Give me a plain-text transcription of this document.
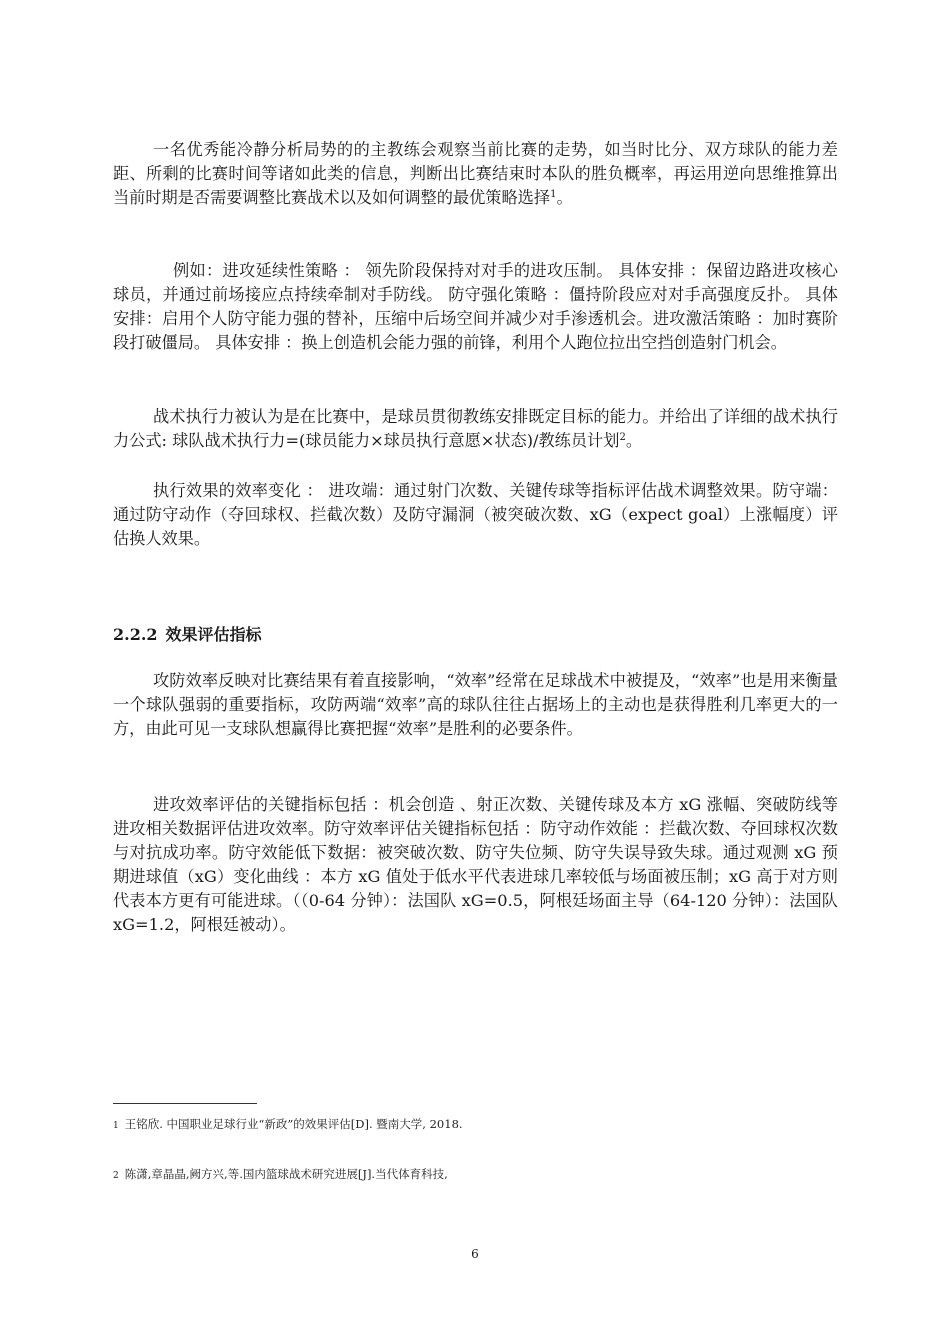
一名优秀能冷静分析局势的的主教练会观察当前比赛的走势，如当时比分、双方球队的能力差距、所剩的比赛时间等诸如此类的信息，判断出比赛结束时本队的胜负概率，再运用逆向思维推算出当前时期是否需要调整比赛战术以及如何调整的最优策略选择$^1$。

例如：进攻延续性策略 ： 领先阶段保持对对手的进攻压制。 具体安排 ：保留边路进攻核心球员，并通过前场接应点持续牵制对手防线。 防守强化策略 ：僵持阶段应对对手高强度反扑。 具体安排：启用个人防守能力强的替补，压缩中后场空间并减少对手渗透机会。进攻激活策略 ：加时赛阶段打破僵局。 具体安排 ：换上创造机会能力强的前锋，利用个人跑位拉出空挡创造射门机会。

战术执行力被认为是在比赛中，是球员贯彻教练安排既定目标的能力。并给出了详细的战术执行力公式: 球队战术执行力=(球员能力×球员执行意愿×状态)/教练员计划$^2$。

执行效果的效率变化 ： 进攻端：通过射门次数、关键传球等指标评估战术调整效果。防守端：通过防守动作（夺回球权、拦截次数）及防守漏洞（被突破次数、xG（expect goal）上涨幅度）评估换人效果。

2.2.2 效果评估指标

攻防效率反映对比赛结果有着直接影响，“效率”经常在足球战术中被提及，“效率”也是用来衡量一个球队强弱的重要指标，攻防两端“效率”高的球队往往占据场上的主动也是获得胜利几率更大的一方，由此可见一支球队想赢得比赛把握“效率”是胜利的必要条件。

进攻效率评估的关键指标包括 ：机会创造 、射正次数、关键传球及本方 xG 涨幅、突破防线等进攻相关数据评估进攻效率。防守效率评估关键指标包括 ：防守动作效能 ：拦截次数、夺回球权次数与对抗成功率。防守效能低下数据：被突破次数、防守失位频、防守失误导致失球。通过观测 xG 预期进球值（xG）变化曲线 ：本方 xG 值处于低水平代表进球几率较低与场面被压制；xG 高于对方则代表本方更有可能进球。（（0-64 分钟）：法国队 xG=0.5，阿根廷场面主导（64-120 分钟）：法国队 xG=1.2，阿根廷被动）。

1 王铭欣. 中国职业足球行业“新政”的效果评估[D]. 暨南大学, 2018.

2 陈潇,章晶晶,阙方兴,等.国内篮球战术研究进展[J].当代体育科技,

6
